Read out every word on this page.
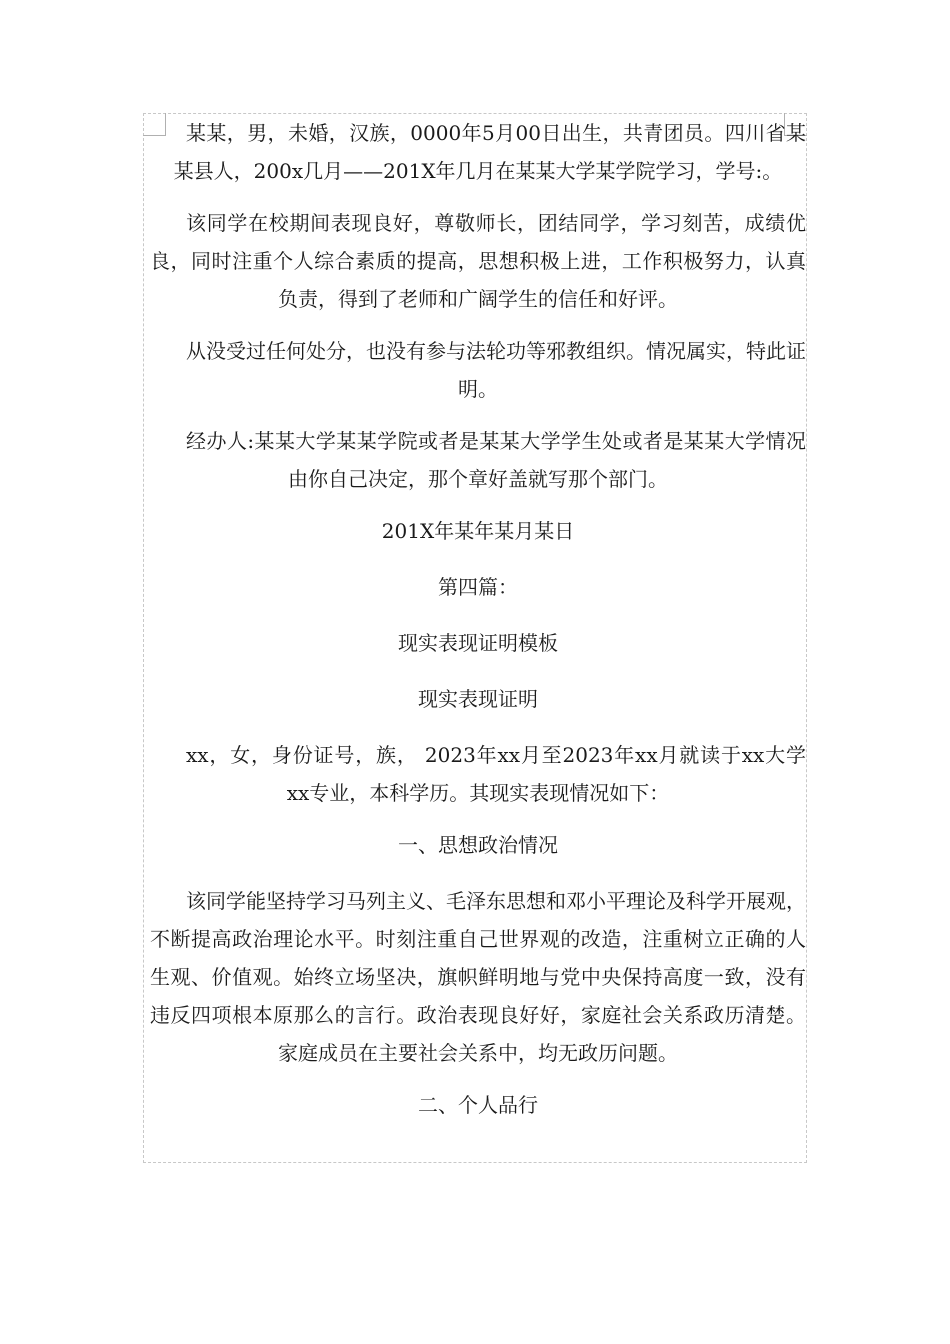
某某，男，未婚，汉族，0000年5月00日出生，共青团员。四川省某某县人，200x几月——201X年几月在某某大学某学院学习，学号:。

该同学在校期间表现良好，尊敬师长，团结同学，学习刻苦，成绩优良，同时注重个人综合素质的提高，思想积极上进，工作积极努力，认真负责，得到了老师和广阔学生的信任和好评。

从没受过任何处分，也没有参与法轮功等邪教组织。情况属实，特此证明。

经办人:某某大学某某学院或者是某某大学学生处或者是某某大学情况由你自己决定，那个章好盖就写那个部门。

201X年某年某月某日

第四篇：

现实表现证明模板

现实表现证明

xx，女，身份证号，族， 2023年xx月至2023年xx月就读于xx大学xx专业，本科学历。其现实表现情况如下：

一、思想政治情况

该同学能坚持学习马列主义、毛泽东思想和邓小平理论及科学开展观，不断提高政治理论水平。时刻注重自己世界观的改造，注重树立正确的人生观、价值观。始终立场坚决，旗帜鲜明地与党中央保持高度一致，没有违反四项根本原那么的言行。政治表现良好好，家庭社会关系政历清楚。家庭成员在主要社会关系中，均无政历问题。

二、个人品行
